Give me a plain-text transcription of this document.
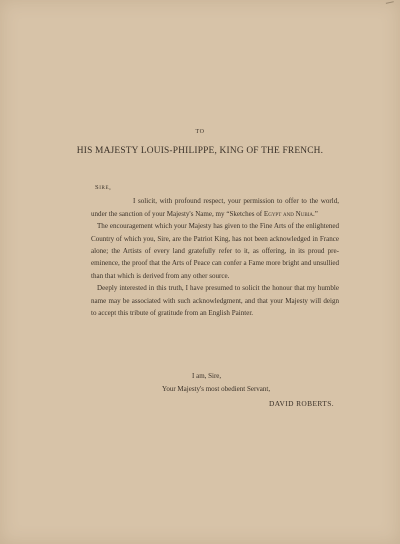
TO
HIS MAJESTY LOUIS-PHILIPPE, KING OF THE FRENCH.

Sire,

I solicit, with profound respect, your permission to offer to the world, under the sanction of your Majesty's Name, my “Sketches of Egypt and Nubia.”

The encouragement which your Majesty has given to the Fine Arts of the enlightened Country of which you, Sire, are the Patriot King, has not been acknowledged in France alone; the Artists of every land gratefully refer to it, as offering, in its proud pre-eminence, the proof that the Arts of Peace can confer a Fame more bright and unsullied than that which is derived from any other source.

Deeply interested in this truth, I have presumed to solicit the honour that my humble name may be associated with such acknowledgment, and that your Majesty will deign to accept this tribute of gratitude from an English Painter.

I am, Sire,
Your Majesty's most obedient Servant,
DAVID ROBERTS.
